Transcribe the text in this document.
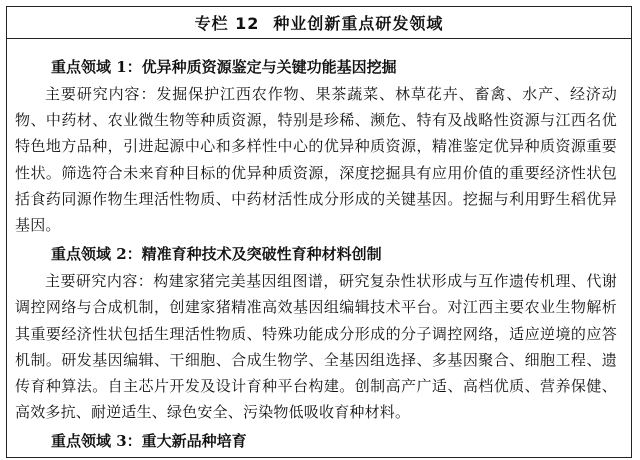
专栏 12 种业创新重点研发领域
重点领域 1：优异种质资源鉴定与关键功能基因挖掘

主要研究内容：发掘保护江西农作物、果茶蔬菜、林草花卉、畜禽、水产、经济动物、中药材、农业微生物等种质资源，特别是珍稀、濒危、特有及战略性资源与江西名优特色地方品种，引进起源中心和多样性中心的优异种质资源，精准鉴定优异种质资源重要性状。筛选符合未来育种目标的优异种质资源，深度挖掘具有应用价值的重要经济性状包括食药同源作物生理活性物质、中药材活性成分形成的关键基因。挖掘与利用野生稻优异基因。

重点领域 2：精准育种技术及突破性育种材料创制

主要研究内容：构建家猪完美基因组图谱，研究复杂性状形成与互作遗传机理、代谢调控网络与合成机制，创建家猪精准高效基因组编辑技术平台。对江西主要农业生物解析其重要经济性状包括生理活性物质、特殊功能成分形成的分子调控网络，适应逆境的应答机制。研发基因编辑、干细胞、合成生物学、全基因组选择、多基因聚合、细胞工程、遗传育种算法。自主芯片开发及设计育种平台构建。创制高产广适、高档优质、营养保健、高效多抗、耐逆适生、绿色安全、污染物低吸收育种材料。

重点领域 3：重大新品种培育
